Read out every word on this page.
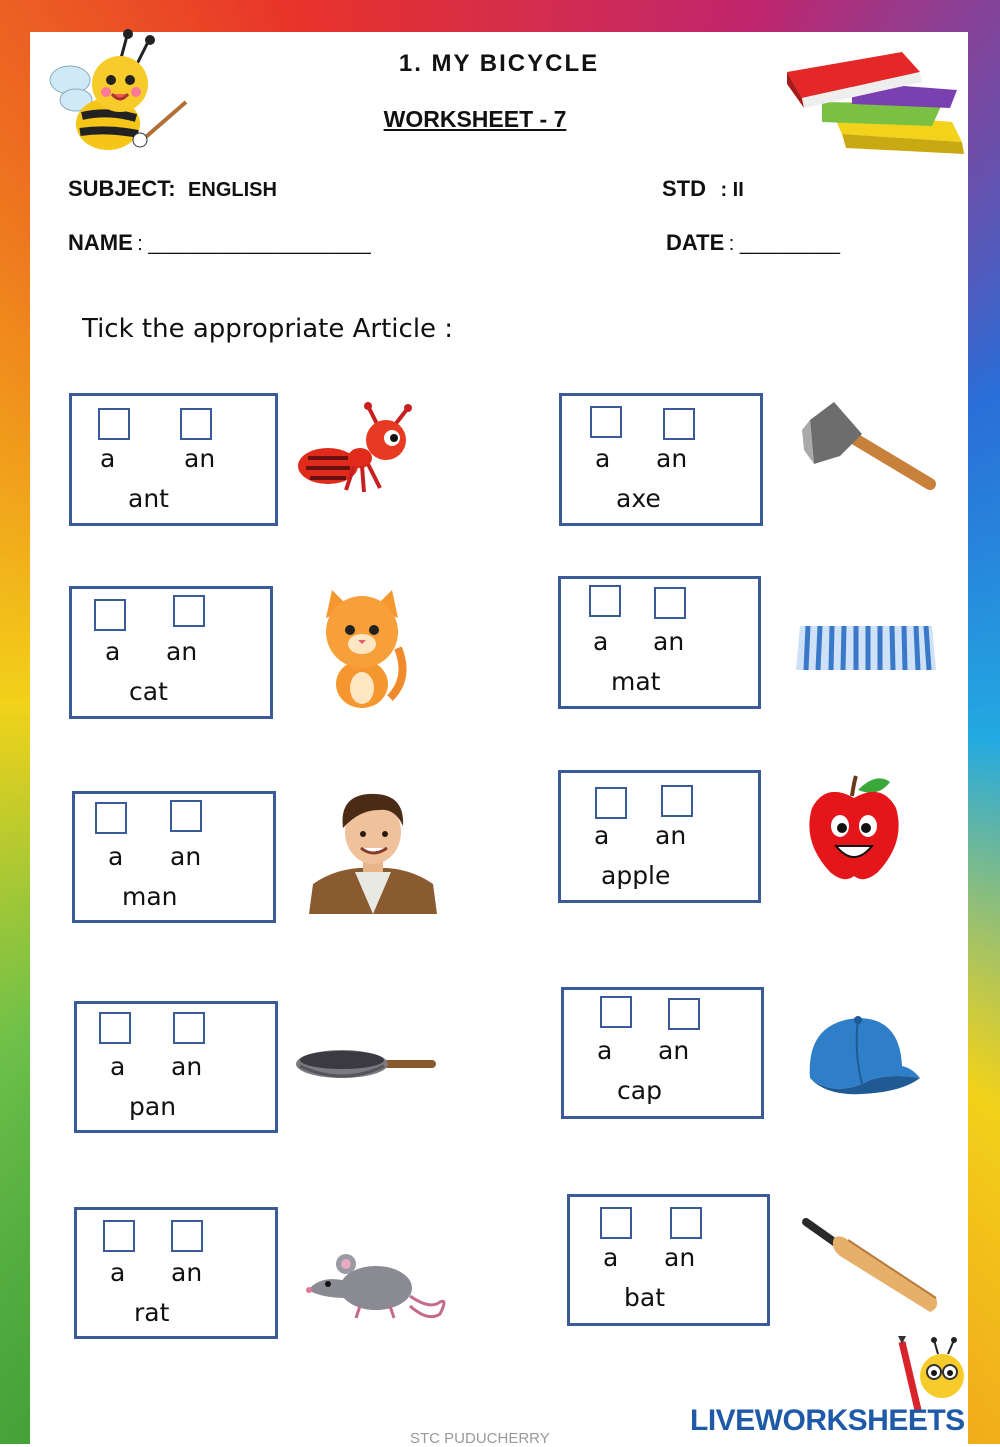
1. MY BICYCLE
WORKSHEET - 7
SUBJECT: ENGLISH	STD : II
NAME : ____________________	DATE : _________
Tick the appropriate Article :
a	an
ant
a an
axe
a an
cat
a an
mat
a an
man
a an
apple
a an
pan
a an
cap
a an
rat
a an
bat
STC PUDUCHERRY
LIVEWORKSHEETS
